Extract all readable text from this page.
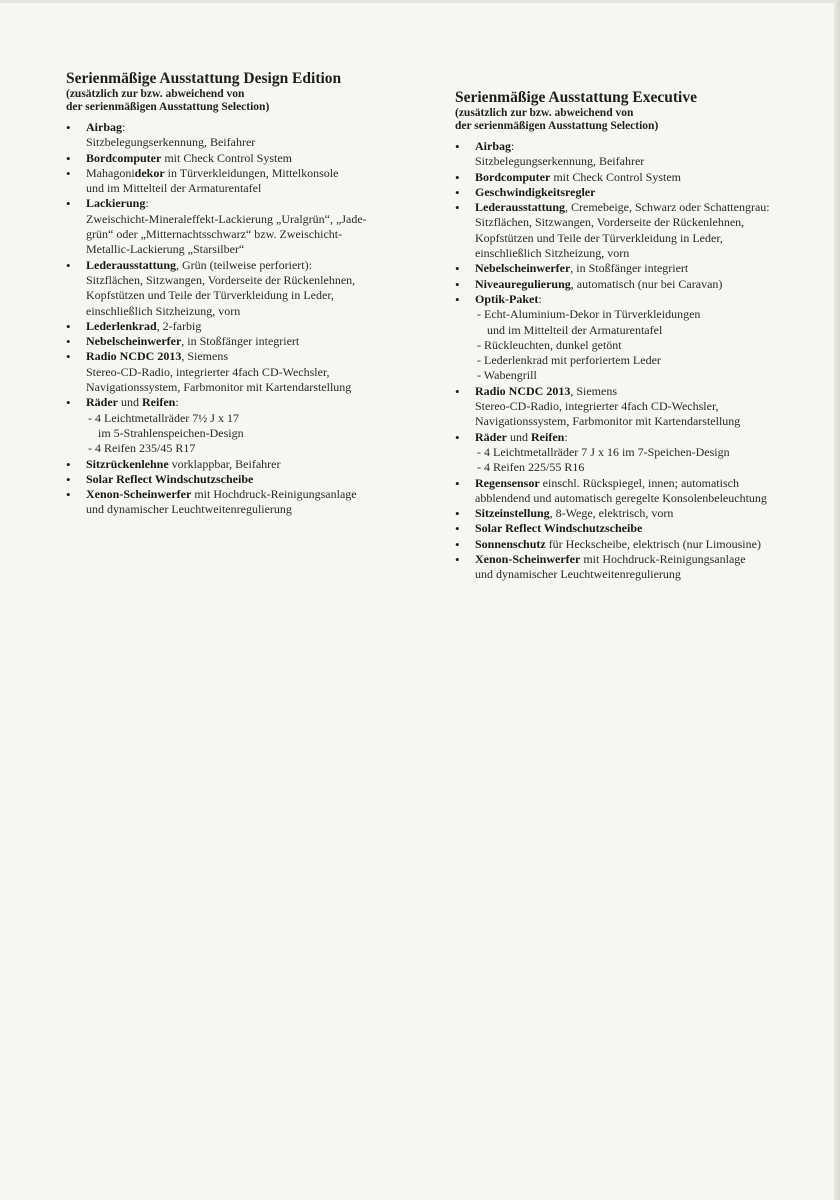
Serienmäßige Ausstattung Design Edition

(zusätzlich zur bzw. abweichend von
der serienmäßigen Ausstattung Selection)

• Airbag:
Sitzbelegungserkennung, Beifahrer
• Bordcomputer mit Check Control System
• Mahagonidekor in Türverkleidungen, Mittelkonsole
und im Mittelteil der Armaturentafel
• Lackierung:
Zweischicht-Mineraleffekt-Lackierung „Uralgrün“, „Jade-
grün“ oder „Mitternachtsschwarz“ bzw. Zweischicht-
Metallic-Lackierung „Starsilber“
• Lederausstattung, Grün (teilweise perforiert):
Sitzflächen, Sitzwangen, Vorderseite der Rückenlehnen,
Kopfstützen und Teile der Türverkleidung in Leder,
einschließlich Sitzheizung, vorn
• Lederlenkrad, 2-farbig
• Nebelscheinwerfer, in Stoßfänger integriert
• Radio NCDC 2013, Siemens
Stereo-CD-Radio, integrierter 4fach CD-Wechsler,
Navigationssystem, Farbmonitor mit Kartendarstellung
• Räder und Reifen:
- 4 Leichtmetallräder 7½ J x 17
im 5-Strahlenspeichen-Design
- 4 Reifen 235/45 R17
• Sitzrückenlehne vorklappbar, Beifahrer
• Solar Reflect Windschutzscheibe
• Xenon-Scheinwerfer mit Hochdruck-Reinigungsanlage
und dynamischer Leuchtweitenregulierung
Serienmäßige Ausstattung Executive

(zusätzlich zur bzw. abweichend von
der serienmäßigen Ausstattung Selection)

• Airbag:
Sitzbelegungserkennung, Beifahrer
• Bordcomputer mit Check Control System
• Geschwindigkeitsregler
• Lederausstattung, Cremebeige, Schwarz oder Schattengrau:
Sitzflächen, Sitzwangen, Vorderseite der Rückenlehnen,
Kopfstützen und Teile der Türverkleidung in Leder,
einschließlich Sitzheizung, vorn
• Nebelscheinwerfer, in Stoßfänger integriert
• Niveauregulierung, automatisch (nur bei Caravan)
• Optik-Paket:
- Echt-Aluminium-Dekor in Türverkleidungen
und im Mittelteil der Armaturentafel
- Rückleuchten, dunkel getönt
- Lederlenkrad mit perforiertem Leder
- Wabengrill
• Radio NCDC 2013, Siemens
Stereo-CD-Radio, integrierter 4fach CD-Wechsler,
Navigationssystem, Farbmonitor mit Kartendarstellung
• Räder und Reifen:
- 4 Leichtmetallräder 7 J x 16 im 7-Speichen-Design
- 4 Reifen 225/55 R16
• Regensensor einschl. Rückspiegel, innen; automatisch
abblendend und automatisch geregelte Konsolenbeleuchtung
• Sitzeinstellung, 8-Wege, elektrisch, vorn
• Solar Reflect Windschutzscheibe
• Sonnenschutz für Heckscheibe, elektrisch (nur Limousine)
• Xenon-Scheinwerfer mit Hochdruck-Reinigungsanlage
und dynamischer Leuchtweitenregulierung
